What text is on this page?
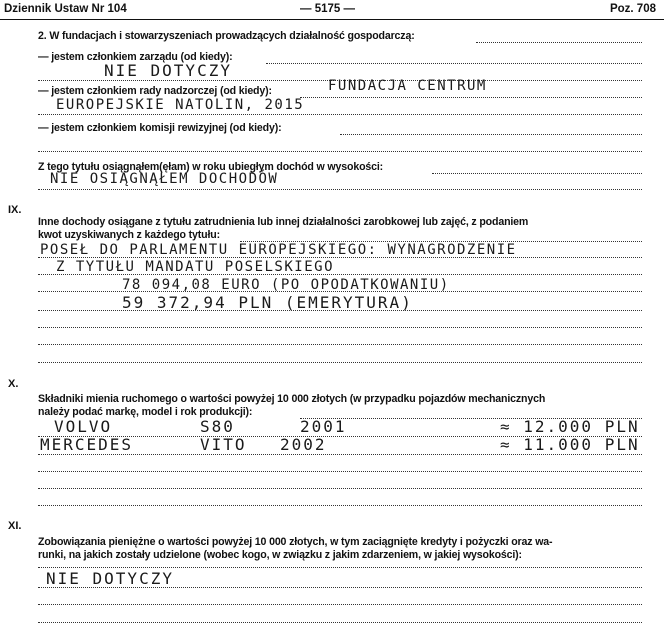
Dziennik Ustaw Nr 104	— 5175 —	Poz. 708
2. W fundacjach i stowarzyszeniach prowadzących działalność gospodarczą:
— jestem członkiem zarządu (od kiedy):
NIE DOTYCZY
— jestem członkiem rady nadzorczej (od kiedy):	FUNDACJA CENTRUM
EUROPEJSKIE NATOLIN, 2015
— jestem członkiem komisji rewizyjnej (od kiedy):
Z tego tytułu osiągnąłem(ęłam) w roku ubiegłym dochód w wysokości:
NIE OSIĄGNĄŁEM DOCHODÓW
IX.
Inne dochody osiągane z tytułu zatrudnienia lub innej działalności zarobkowej lub zajęć, z podaniem
kwot uzyskiwanych z każdego tytułu:
POSEŁ DO PARLAMENTU EUROPEJSKIEGO: WYNAGRODZENIE
Z TYTUŁU MANDATU POSELSKIEGO
78 094,08 EURO (PO OPODATKOWANIU)
59 372,94 PLN (EMERYTURA)
X.
Składniki mienia ruchomego o wartości powyżej 10 000 złotych (w przypadku pojazdów mechanicznych
należy podać markę, model i rok produkcji):
VOLVO	S80	2001	≈ 12.000 PLN
MERCEDES	VITO 2002	≈ 11.000 PLN
XI.
Zobowiązania pieniężne o wartości powyżej 10 000 złotych, w tym zaciągnięte kredyty i pożyczki oraz wa-
runki, na jakich zostały udzielone (wobec kogo, w związku z jakim zdarzeniem, w jakiej wysokości):
NIE DOTYCZY
